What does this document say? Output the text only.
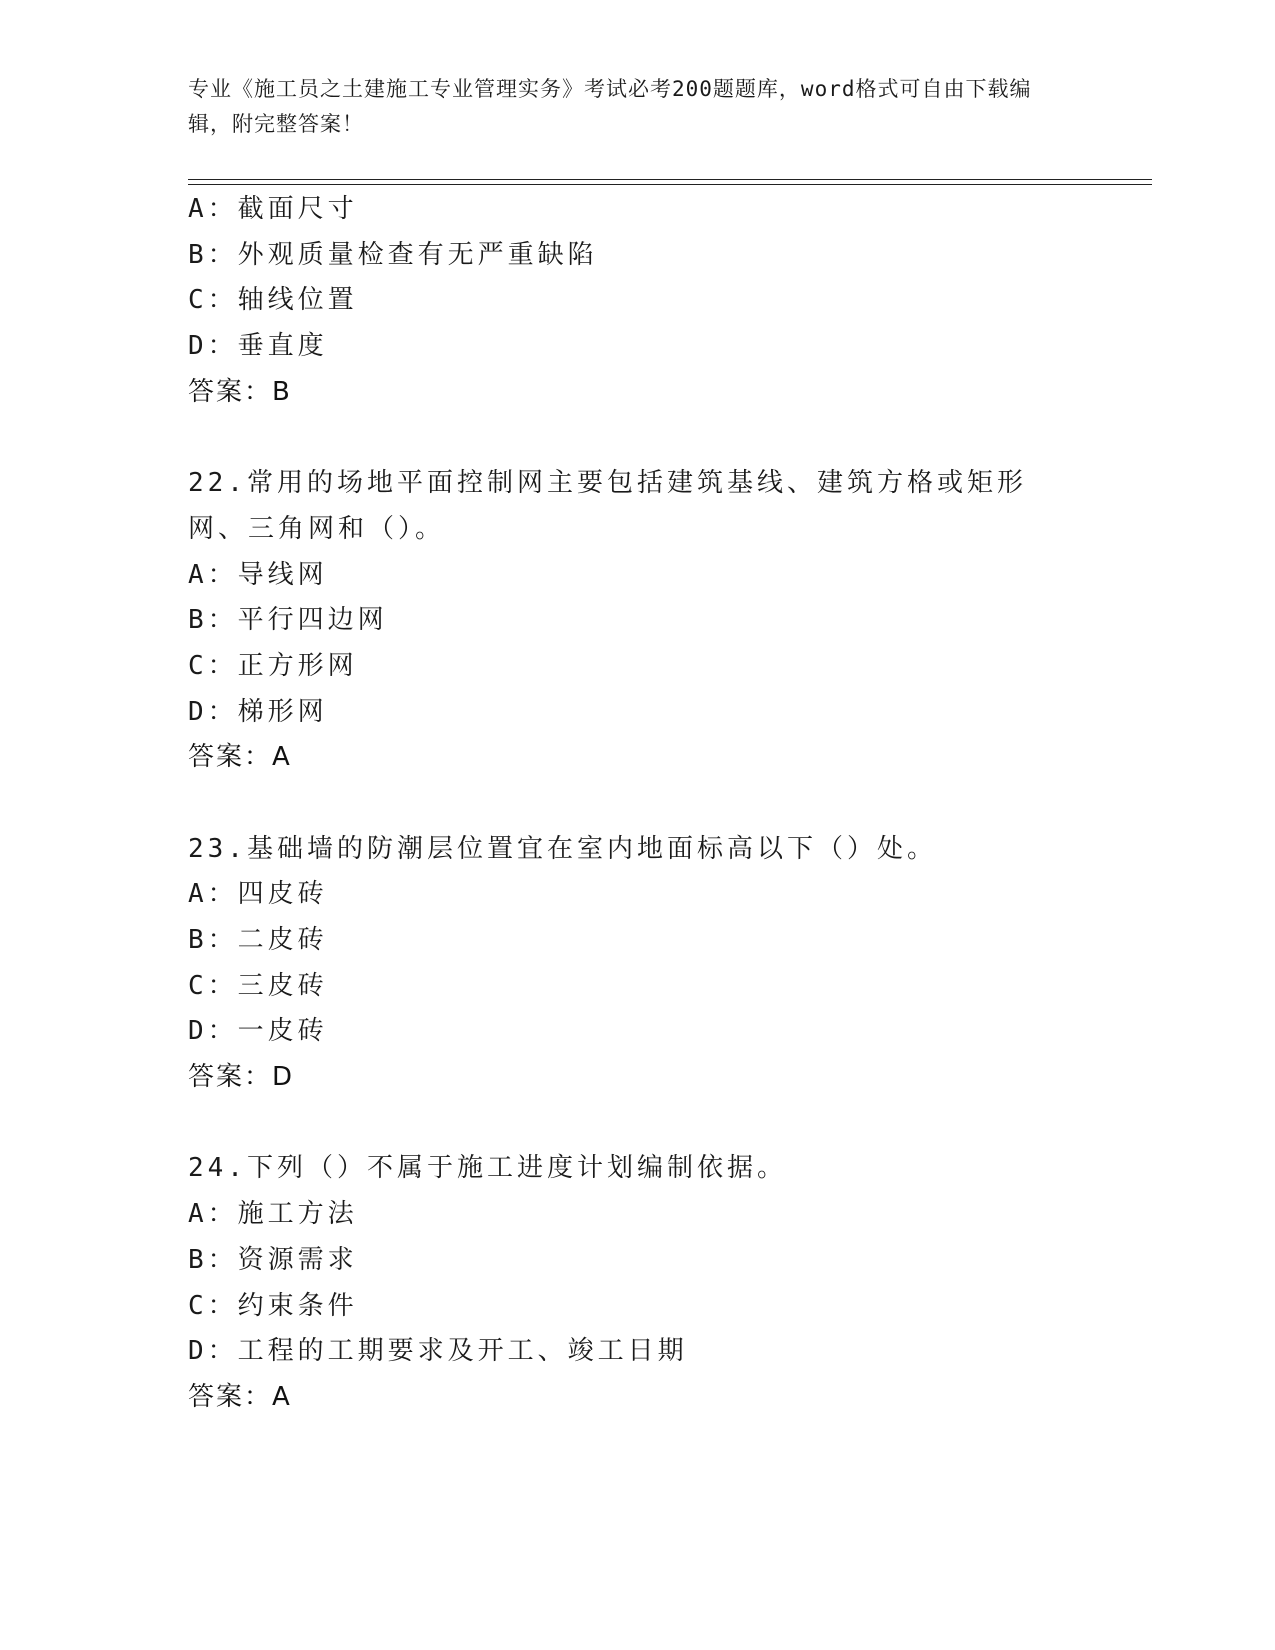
专业《施工员之土建施工专业管理实务》考试必考200题题库，word格式可自由下载编辑，附完整答案！
A：截面尺寸
B：外观质量检查有无严重缺陷
C：轴线位置
D：垂直度
答案：B
22.常用的场地平面控制网主要包括建筑基线、建筑方格或矩形网、三角网和（）。
A：导线网
B：平行四边网
C：正方形网
D：梯形网
答案：A
23.基础墙的防潮层位置宜在室内地面标高以下（）处。
A：四皮砖
B：二皮砖
C：三皮砖
D：一皮砖
答案：D
24.下列（）不属于施工进度计划编制依据。
A：施工方法
B：资源需求
C：约束条件
D：工程的工期要求及开工、竣工日期
答案：A
